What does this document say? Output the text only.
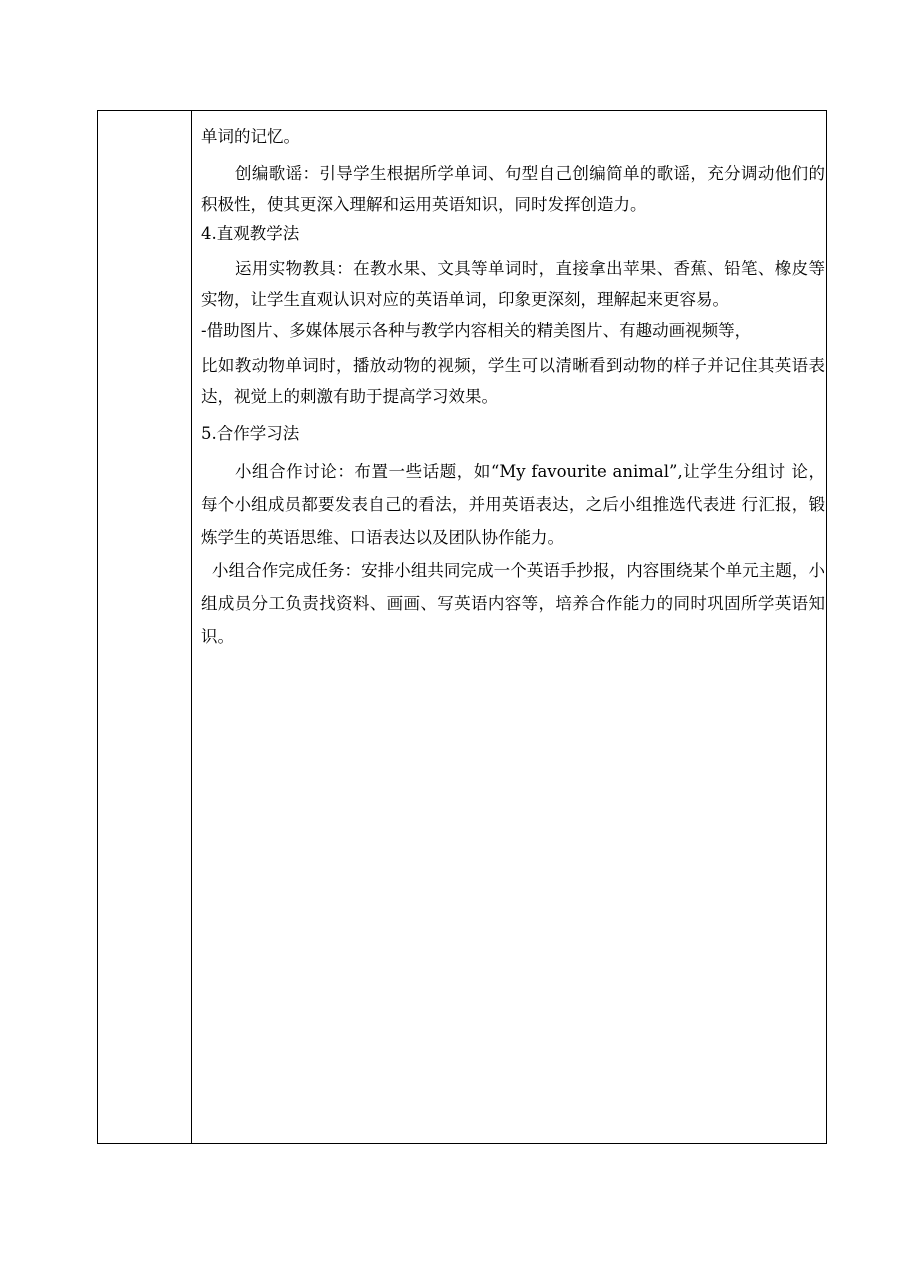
单词的记忆。

创编歌谣：引导学生根据所学单词、句型自己创编简单的歌谣，充分调动他们的积极性，使其更深入理解和运用英语知识，同时发挥创造力。

4.直观教学法

运用实物教具：在教水果、文具等单词时，直接拿出苹果、香蕉、铅笔、橡皮等实物，让学生直观认识对应的英语单词，印象更深刻，理解起来更容易。

-借助图片、多媒体展示各种与教学内容相关的精美图片、有趣动画视频等，

比如教动物单词时，播放动物的视频，学生可以清晰看到动物的样子并记住其英语表达，视觉上的刺激有助于提高学习效果。

5.合作学习法

小组合作讨论：布置一些话题，如“My favourite animal”,让学生分组讨 论，每个小组成员都要发表自己的看法，并用英语表达，之后小组推选代表进 行汇报，锻炼学生的英语思维、口语表达以及团队协作能力。

小组合作完成任务：安排小组共同完成一个英语手抄报，内容围绕某个单元主题，小组成员分工负责找资料、画画、写英语内容等，培养合作能力的同时巩固所学英语知识。
